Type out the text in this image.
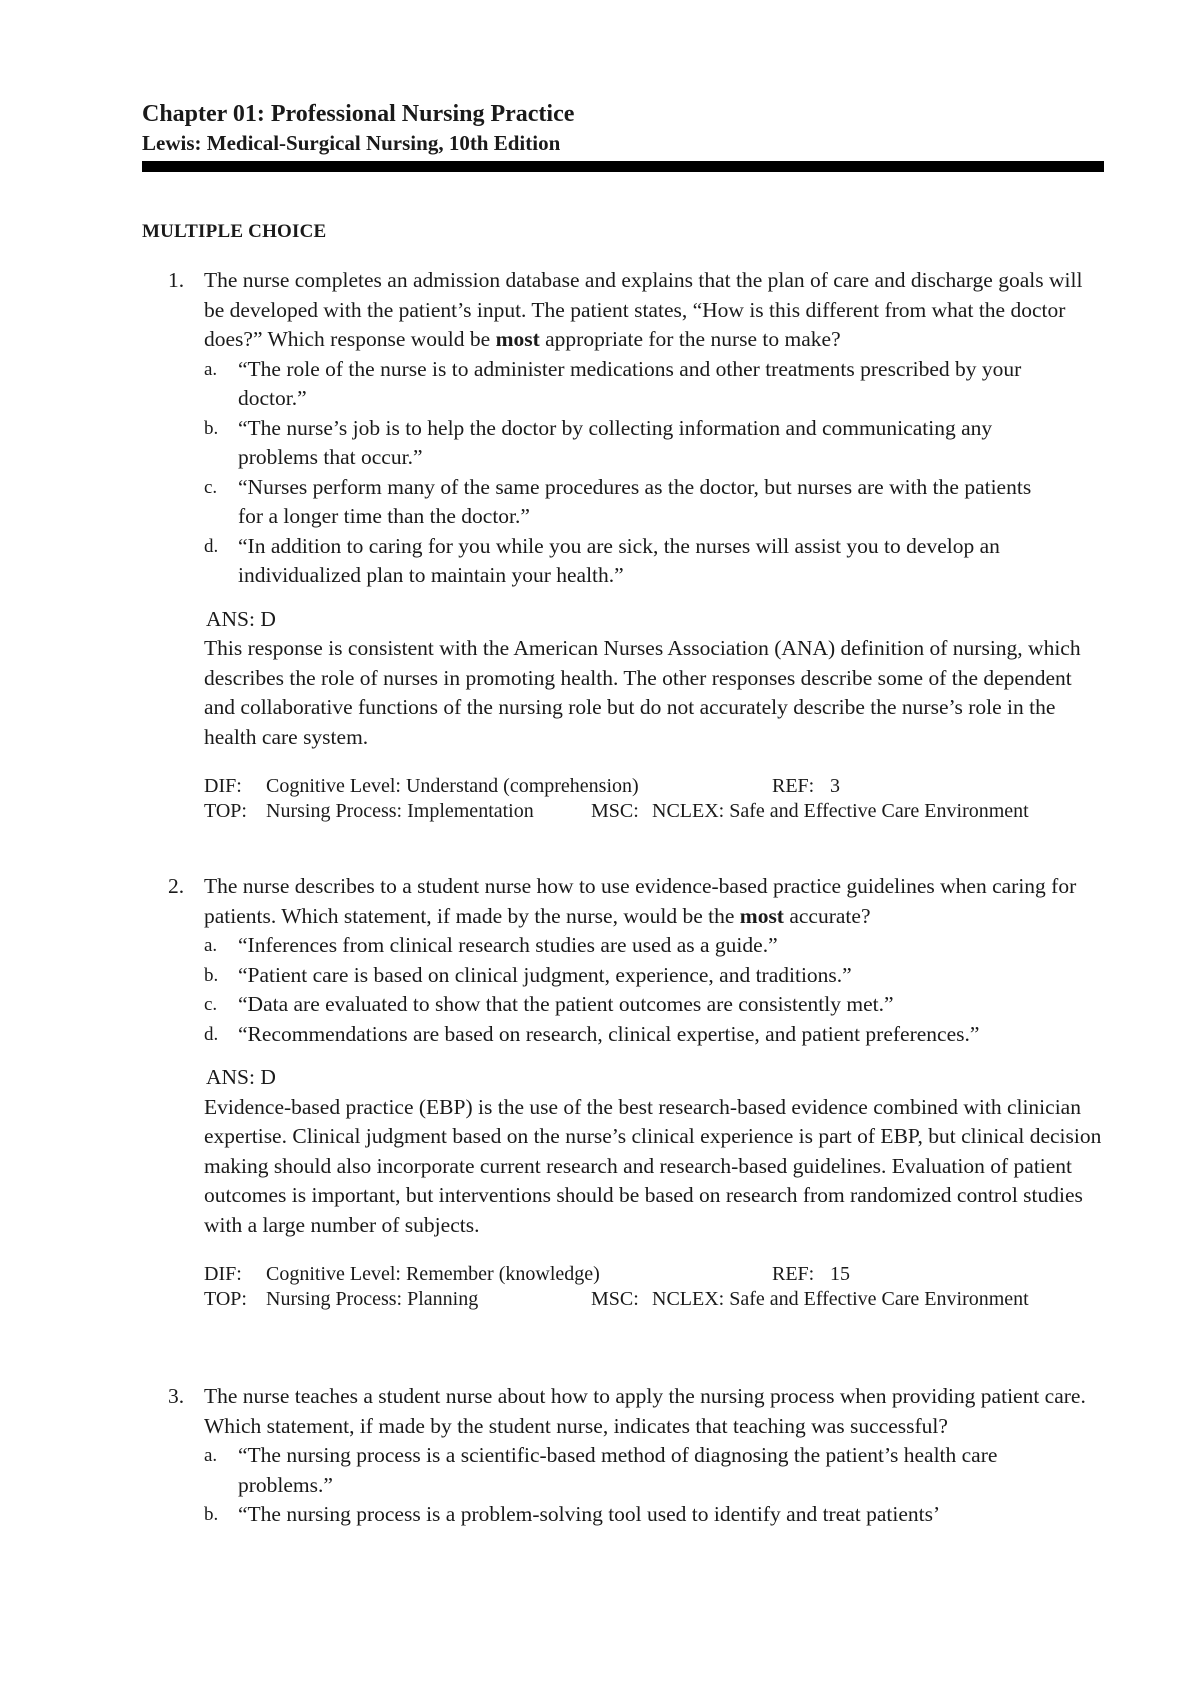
Chapter 01: Professional Nursing Practice

Lewis: Medical-Surgical Nursing, 10th Edition

MULTIPLE CHOICE

1. The nurse completes an admission database and explains that the plan of care and discharge goals will be developed with the patient’s input. The patient states, “How is this different from what the doctor does?” Which response would be most appropriate for the nurse to make?
a. “The role of the nurse is to administer medications and other treatments prescribed by your doctor.”
b. “The nurse’s job is to help the doctor by collecting information and communicating any problems that occur.”
c. “Nurses perform many of the same procedures as the doctor, but nurses are with the patients for a longer time than the doctor.”
d. “In addition to caring for you while you are sick, the nurses will assist you to develop an individualized plan to maintain your health.”
ANS: D
This response is consistent with the American Nurses Association (ANA) definition of nursing, which describes the role of nurses in promoting health. The other responses describe some of the dependent and collaborative functions of the nursing role but do not accurately describe the nurse’s role in the health care system.
DIF: Cognitive Level: Understand (comprehension)	REF: 3
TOP: Nursing Process: Implementation	MSC: NCLEX: Safe and Effective Care Environment
2. The nurse describes to a student nurse how to use evidence-based practice guidelines when caring for patients. Which statement, if made by the nurse, would be the most accurate?
a. “Inferences from clinical research studies are used as a guide.”
b. “Patient care is based on clinical judgment, experience, and traditions.”
c. “Data are evaluated to show that the patient outcomes are consistently met.”
d. “Recommendations are based on research, clinical expertise, and patient preferences.”
ANS: D
Evidence-based practice (EBP) is the use of the best research-based evidence combined with clinician expertise. Clinical judgment based on the nurse’s clinical experience is part of EBP, but clinical decision making should also incorporate current research and research-based guidelines. Evaluation of patient outcomes is important, but interventions should be based on research from randomized control studies with a large number of subjects.
DIF: Cognitive Level: Remember (knowledge)	REF: 15
TOP: Nursing Process: Planning	MSC: NCLEX: Safe and Effective Care Environment
3. The nurse teaches a student nurse about how to apply the nursing process when providing patient care. Which statement, if made by the student nurse, indicates that teaching was successful?
a. “The nursing process is a scientific-based method of diagnosing the patient’s health care problems.”
b. “The nursing process is a problem-solving tool used to identify and treat patients’
